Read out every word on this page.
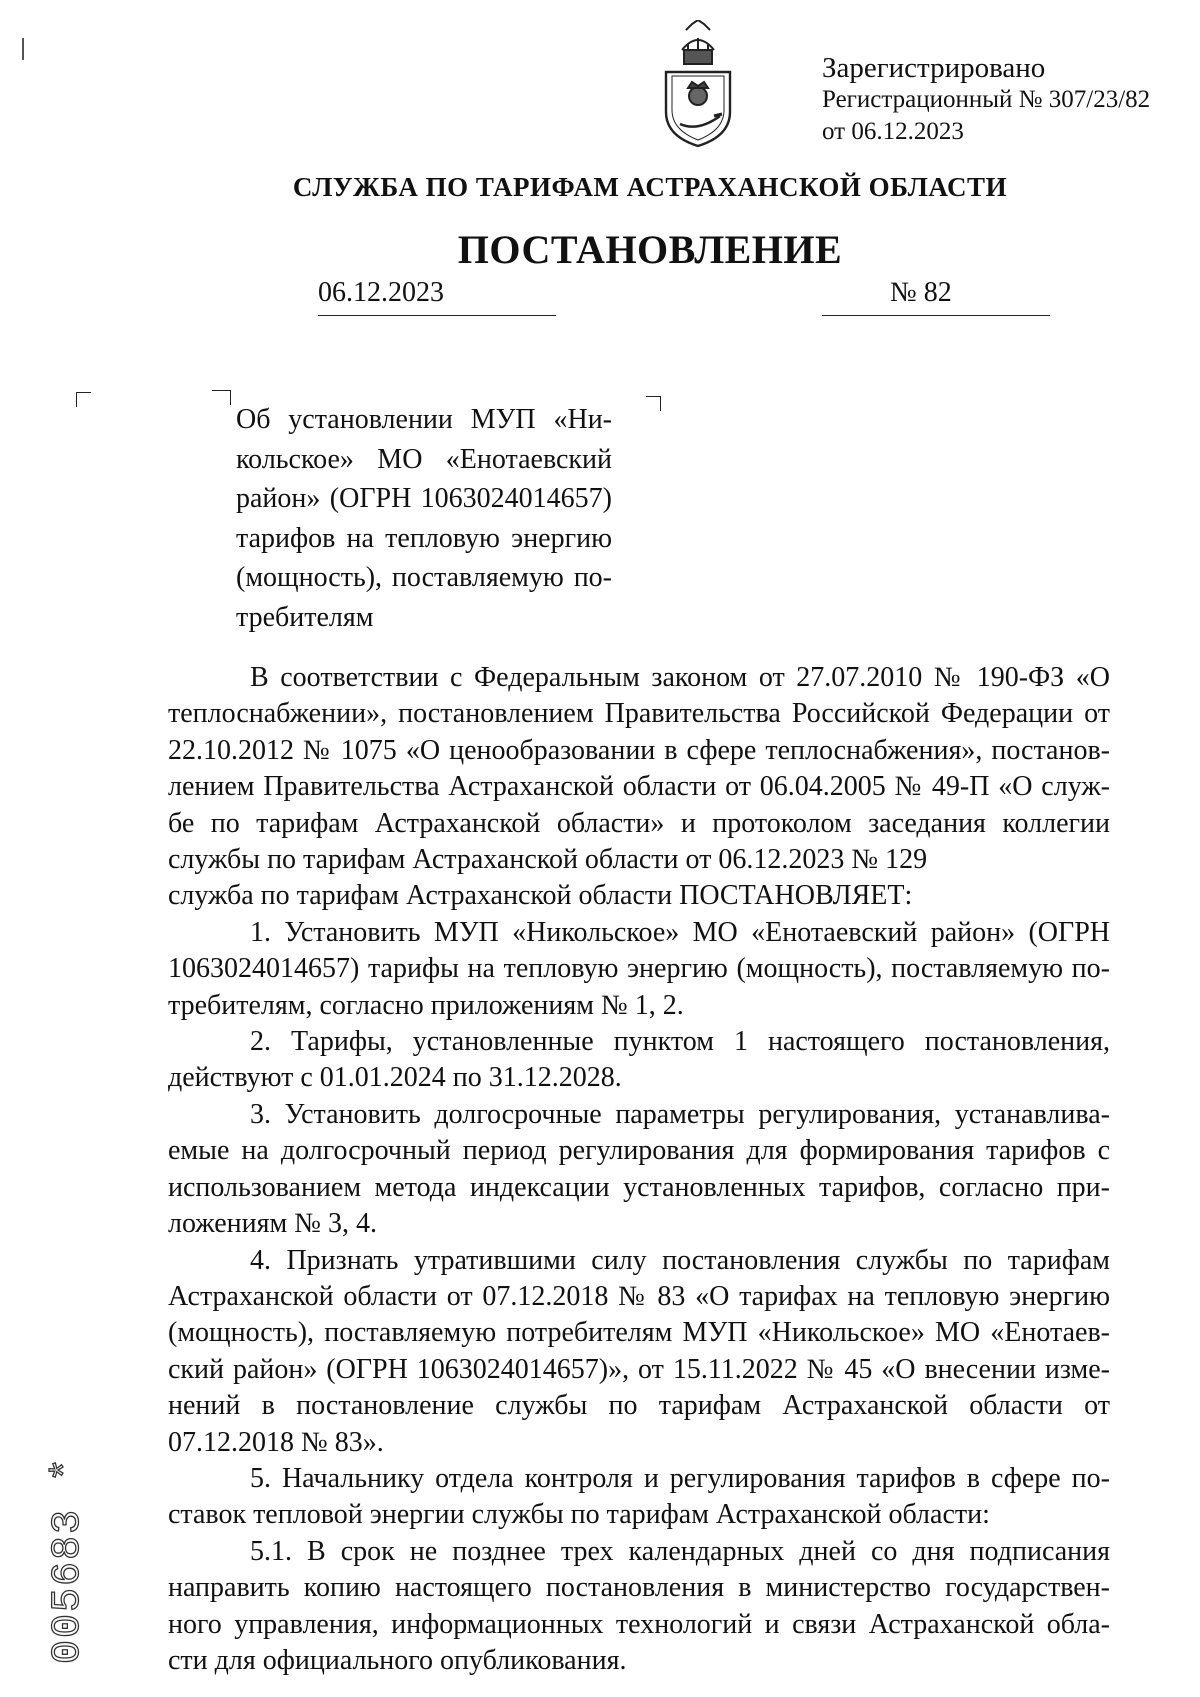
Зарегистрировано
Регистрационный № 307/23/82
от 06.12.2023
СЛУЖБА ПО ТАРИФАМ АСТРАХАНСКОЙ ОБЛАСТИ
ПОСТАНОВЛЕНИЕ
06.12.2023	№ 82
Об установлении МУП «Ни-
кольское» МО «Енотаевский
район» (ОГРН 1063024014657)
тарифов на тепловую энергию
(мощность), поставляемую по-
требителям
В соответствии с Федеральным законом от 27.07.2010 № 190-ФЗ «О
теплоснабжении», постановлением Правительства Российской Федерации от
22.10.2012 № 1075 «О ценообразовании в сфере теплоснабжения», постанов-
лением Правительства Астраханской области от 06.04.2005 № 49-П «О служ-
бе по тарифам Астраханской области» и протоколом заседания коллегии
службы по тарифам Астраханской области от 06.12.2023 № 129
служба по тарифам Астраханской области ПОСТАНОВЛЯЕТ:
1. Установить МУП «Никольское» МО «Енотаевский район» (ОГРН
1063024014657) тарифы на тепловую энергию (мощность), поставляемую по-
требителям, согласно приложениям № 1, 2.
2. Тарифы, установленные пунктом 1 настоящего постановления,
действуют с 01.01.2024 по 31.12.2028.
3. Установить долгосрочные параметры регулирования, устанавлива-
емые на долгосрочный период регулирования для формирования тарифов с
использованием метода индексации установленных тарифов, согласно при-
ложениям № 3, 4.
4. Признать утратившими силу постановления службы по тарифам
Астраханской области от 07.12.2018 № 83 «О тарифах на тепловую энергию
(мощность), поставляемую потребителям МУП «Никольское» МО «Енотаев-
ский район» (ОГРН 1063024014657)», от 15.11.2022 № 45 «О внесении изме-
нений в постановление службы по тарифам Астраханской области от
07.12.2018 № 83».
5. Начальнику отдела контроля и регулирования тарифов в сфере по-
ставок тепловой энергии службы по тарифам Астраханской области:
5.1. В срок не позднее трех календарных дней со дня подписания
направить копию настоящего постановления в министерство государствен-
ного управления, информационных технологий и связи Астраханской обла-
сти для официального опубликования.
005683 *
